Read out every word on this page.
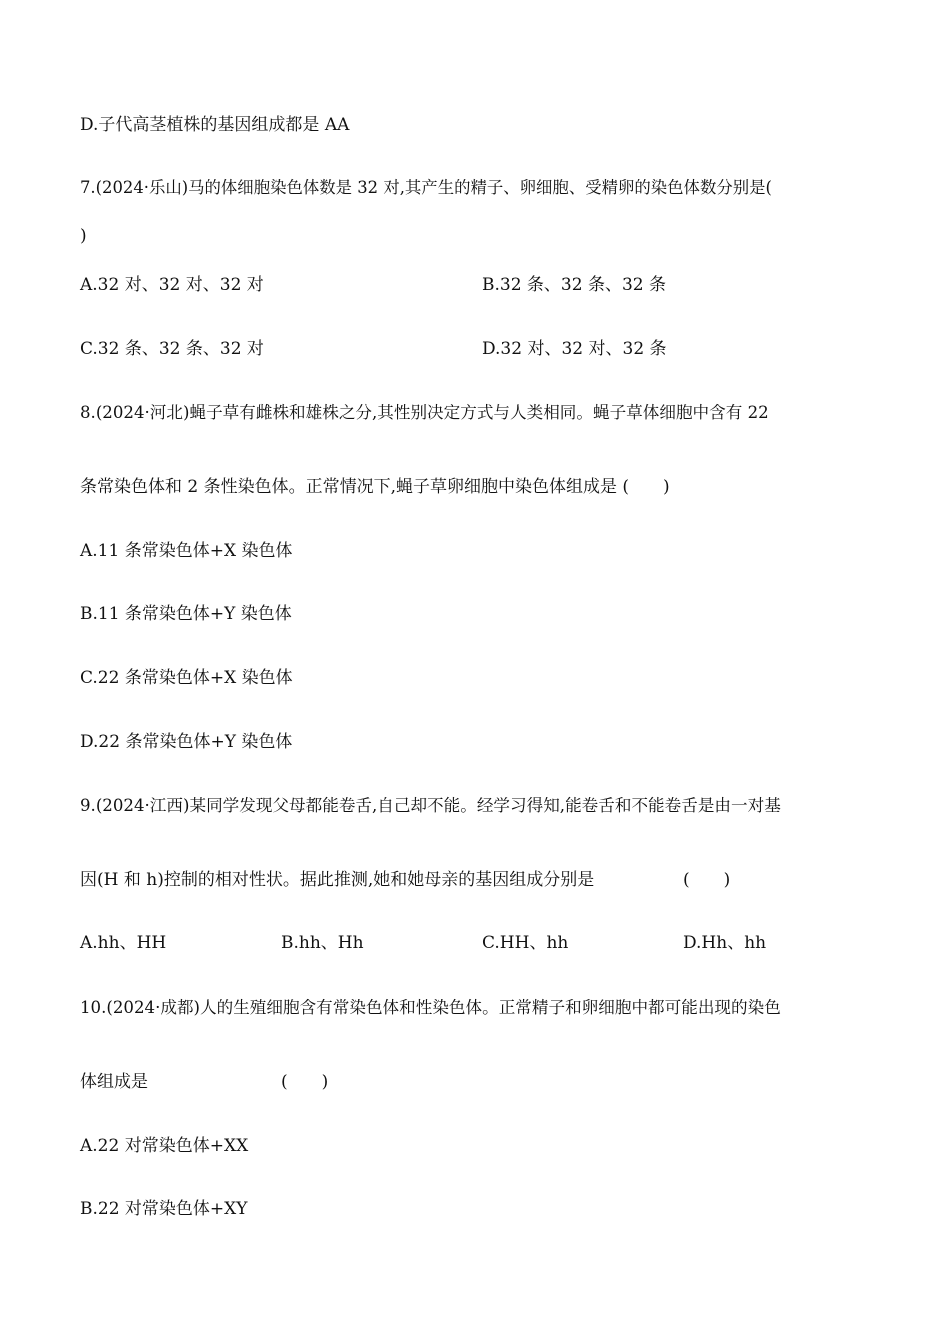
D.子代高茎植株的基因组成都是 AA
7.(2024·乐山)马的体细胞染色体数是 32 对,其产生的精子、卵细胞、受精卵的染色体数分别是(
)
A.32 对、32 对、32 对	B.32 条、32 条、32 条
C.32 条、32 条、32 对	D.32 对、32 对、32 条
8.(2024·河北)蝇子草有雌株和雄株之分,其性别决定方式与人类相同。蝇子草体细胞中含有 22
条常染色体和 2 条性染色体。正常情况下,蝇子草卵细胞中染色体组成是 (　　)
A.11 条常染色体+X 染色体
B.11 条常染色体+Y 染色体
C.22 条常染色体+X 染色体
D.22 条常染色体+Y 染色体
9.(2024·江西)某同学发现父母都能卷舌,自己却不能。经学习得知,能卷舌和不能卷舌是由一对基
因(H 和 h)控制的相对性状。据此推测,她和她母亲的基因组成分别是	(　　)
A.hh、HH	B.hh、Hh	C.HH、hh	D.Hh、hh
10.(2024·成都)人的生殖细胞含有常染色体和性染色体。正常精子和卵细胞中都可能出现的染色
体组成是	(　　)
A.22 对常染色体+XX
B.22 对常染色体+XY
